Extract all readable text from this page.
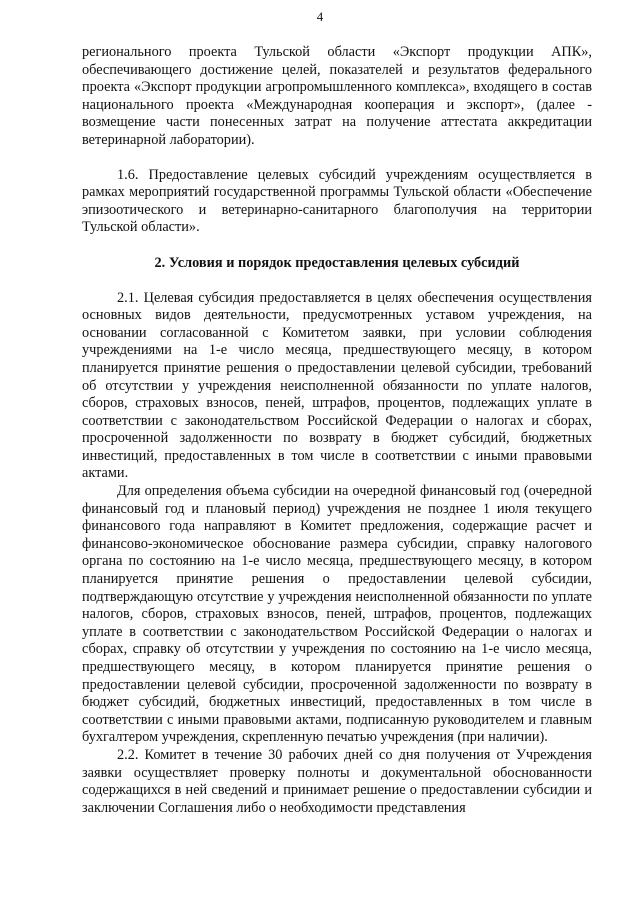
4

регионального проекта Тульской области «Экспорт продукции АПК», обеспечивающего достижение целей, показателей и результатов федерального проекта «Экспорт продукции агропромышленного комплекса», входящего в состав национального проекта «Международная кооперация и экспорт», (далее - возмещение части понесенных затрат на получение аттестата аккредитации ветеринарной лаборатории).

1.6. Предоставление целевых субсидий учреждениям осуществляется в рамках мероприятий государственной программы Тульской области «Обеспечение эпизоотического и ветеринарно-санитарного благополучия на территории Тульской области».

2. Условия и порядок предоставления целевых субсидий

2.1. Целевая субсидия предоставляется в целях обеспечения осуществления основных видов деятельности, предусмотренных уставом учреждения, на основании согласованной с Комитетом заявки, при условии соблюдения учреждениями на 1-е число месяца, предшествующего месяцу, в котором планируется принятие решения о предоставлении целевой субсидии, требований об отсутствии у учреждения неисполненной обязанности по уплате налогов, сборов, страховых взносов, пеней, штрафов, процентов, подлежащих уплате в соответствии с законодательством Российской Федерации о налогах и сборах, просроченной задолженности по возврату в бюджет субсидий, бюджетных инвестиций, предоставленных в том числе в соответствии с иными правовыми актами.

Для определения объема субсидии на очередной финансовый год (очередной финансовый год и плановый период) учреждения не позднее 1 июля текущего финансового года направляют в Комитет предложения, содержащие расчет и финансово-экономическое обоснование размера субсидии, справку налогового органа по состоянию на 1-е число месяца, предшествующего месяцу, в котором планируется принятие решения о предоставлении целевой субсидии, подтверждающую отсутствие у учреждения неисполненной обязанности по уплате налогов, сборов, страховых взносов, пеней, штрафов, процентов, подлежащих уплате в соответствии с законодательством Российской Федерации о налогах и сборах, справку об отсутствии у учреждения по состоянию на 1-е число месяца, предшествующего месяцу, в котором планируется принятие решения о предоставлении целевой субсидии, просроченной задолженности по возврату в бюджет субсидий, бюджетных инвестиций, предоставленных в том числе в соответствии с иными правовыми актами, подписанную руководителем и главным бухгалтером учреждения, скрепленную печатью учреждения (при наличии).

2.2. Комитет в течение 30 рабочих дней со дня получения от Учреждения заявки осуществляет проверку полноты и документальной обоснованности содержащихся в ней сведений и принимает решение о предоставлении субсидии и заключении Соглашения либо о необходимости представления
